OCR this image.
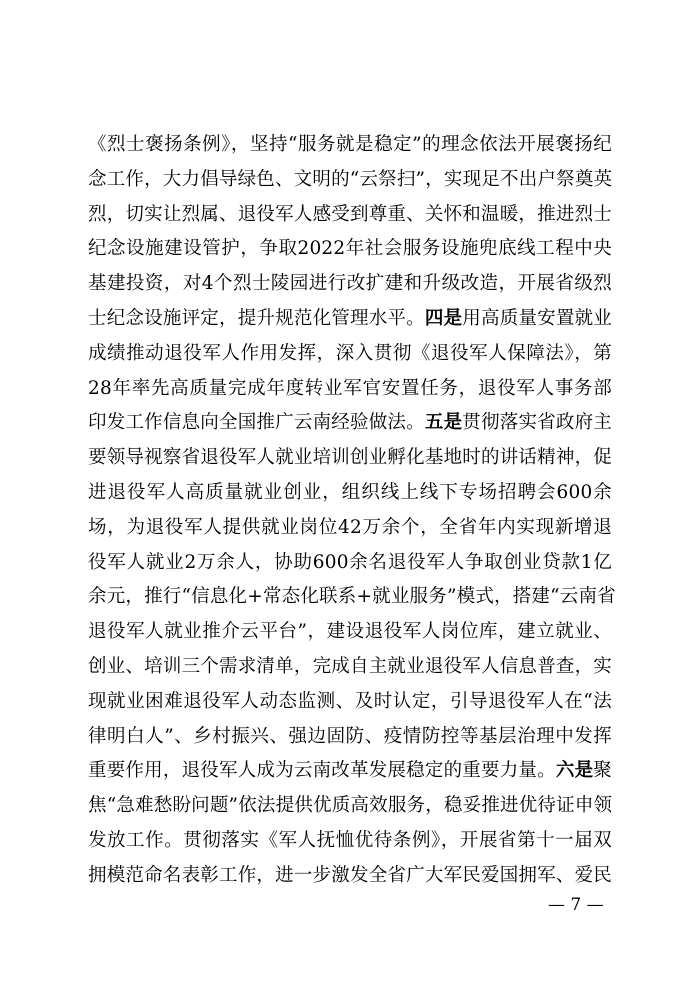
《烈士褒扬条例》，坚持“服务就是稳定”的理念依法开展褒扬纪
念工作，大力倡导绿色、文明的“云祭扫”，实现足不出户祭奠英
烈，切实让烈属、退役军人感受到尊重、关怀和温暖，推进烈士
纪念设施建设管护，争取2022年社会服务设施兜底线工程中央
基建投资，对4个烈士陵园进行改扩建和升级改造，开展省级烈
士纪念设施评定，提升规范化管理水平。四是用高质量安置就业
成绩推动退役军人作用发挥，深入贯彻《退役军人保障法》，第
28年率先高质量完成年度转业军官安置任务，退役军人事务部
印发工作信息向全国推广云南经验做法。五是贯彻落实省政府主
要领导视察省退役军人就业培训创业孵化基地时的讲话精神，促
进退役军人高质量就业创业，组织线上线下专场招聘会600余
场，为退役军人提供就业岗位42万余个，全省年内实现新增退
役军人就业2万余人，协助600余名退役军人争取创业贷款1亿
余元，推行“信息化+常态化联系+就业服务”模式，搭建“云南省
退役军人就业推介云平台”，建设退役军人岗位库，建立就业、
创业、培训三个需求清单，完成自主就业退役军人信息普查，实
现就业困难退役军人动态监测、及时认定，引导退役军人在“法
律明白人”、乡村振兴、强边固防、疫情防控等基层治理中发挥
重要作用，退役军人成为云南改革发展稳定的重要力量。六是聚
焦“急难愁盼问题”依法提供优质高效服务，稳妥推进优待证申领
发放工作。贯彻落实《军人抚恤优待条例》，开展省第十一届双
拥模范命名表彰工作，进一步激发全省广大军民爱国拥军、爱民
— 7 —
